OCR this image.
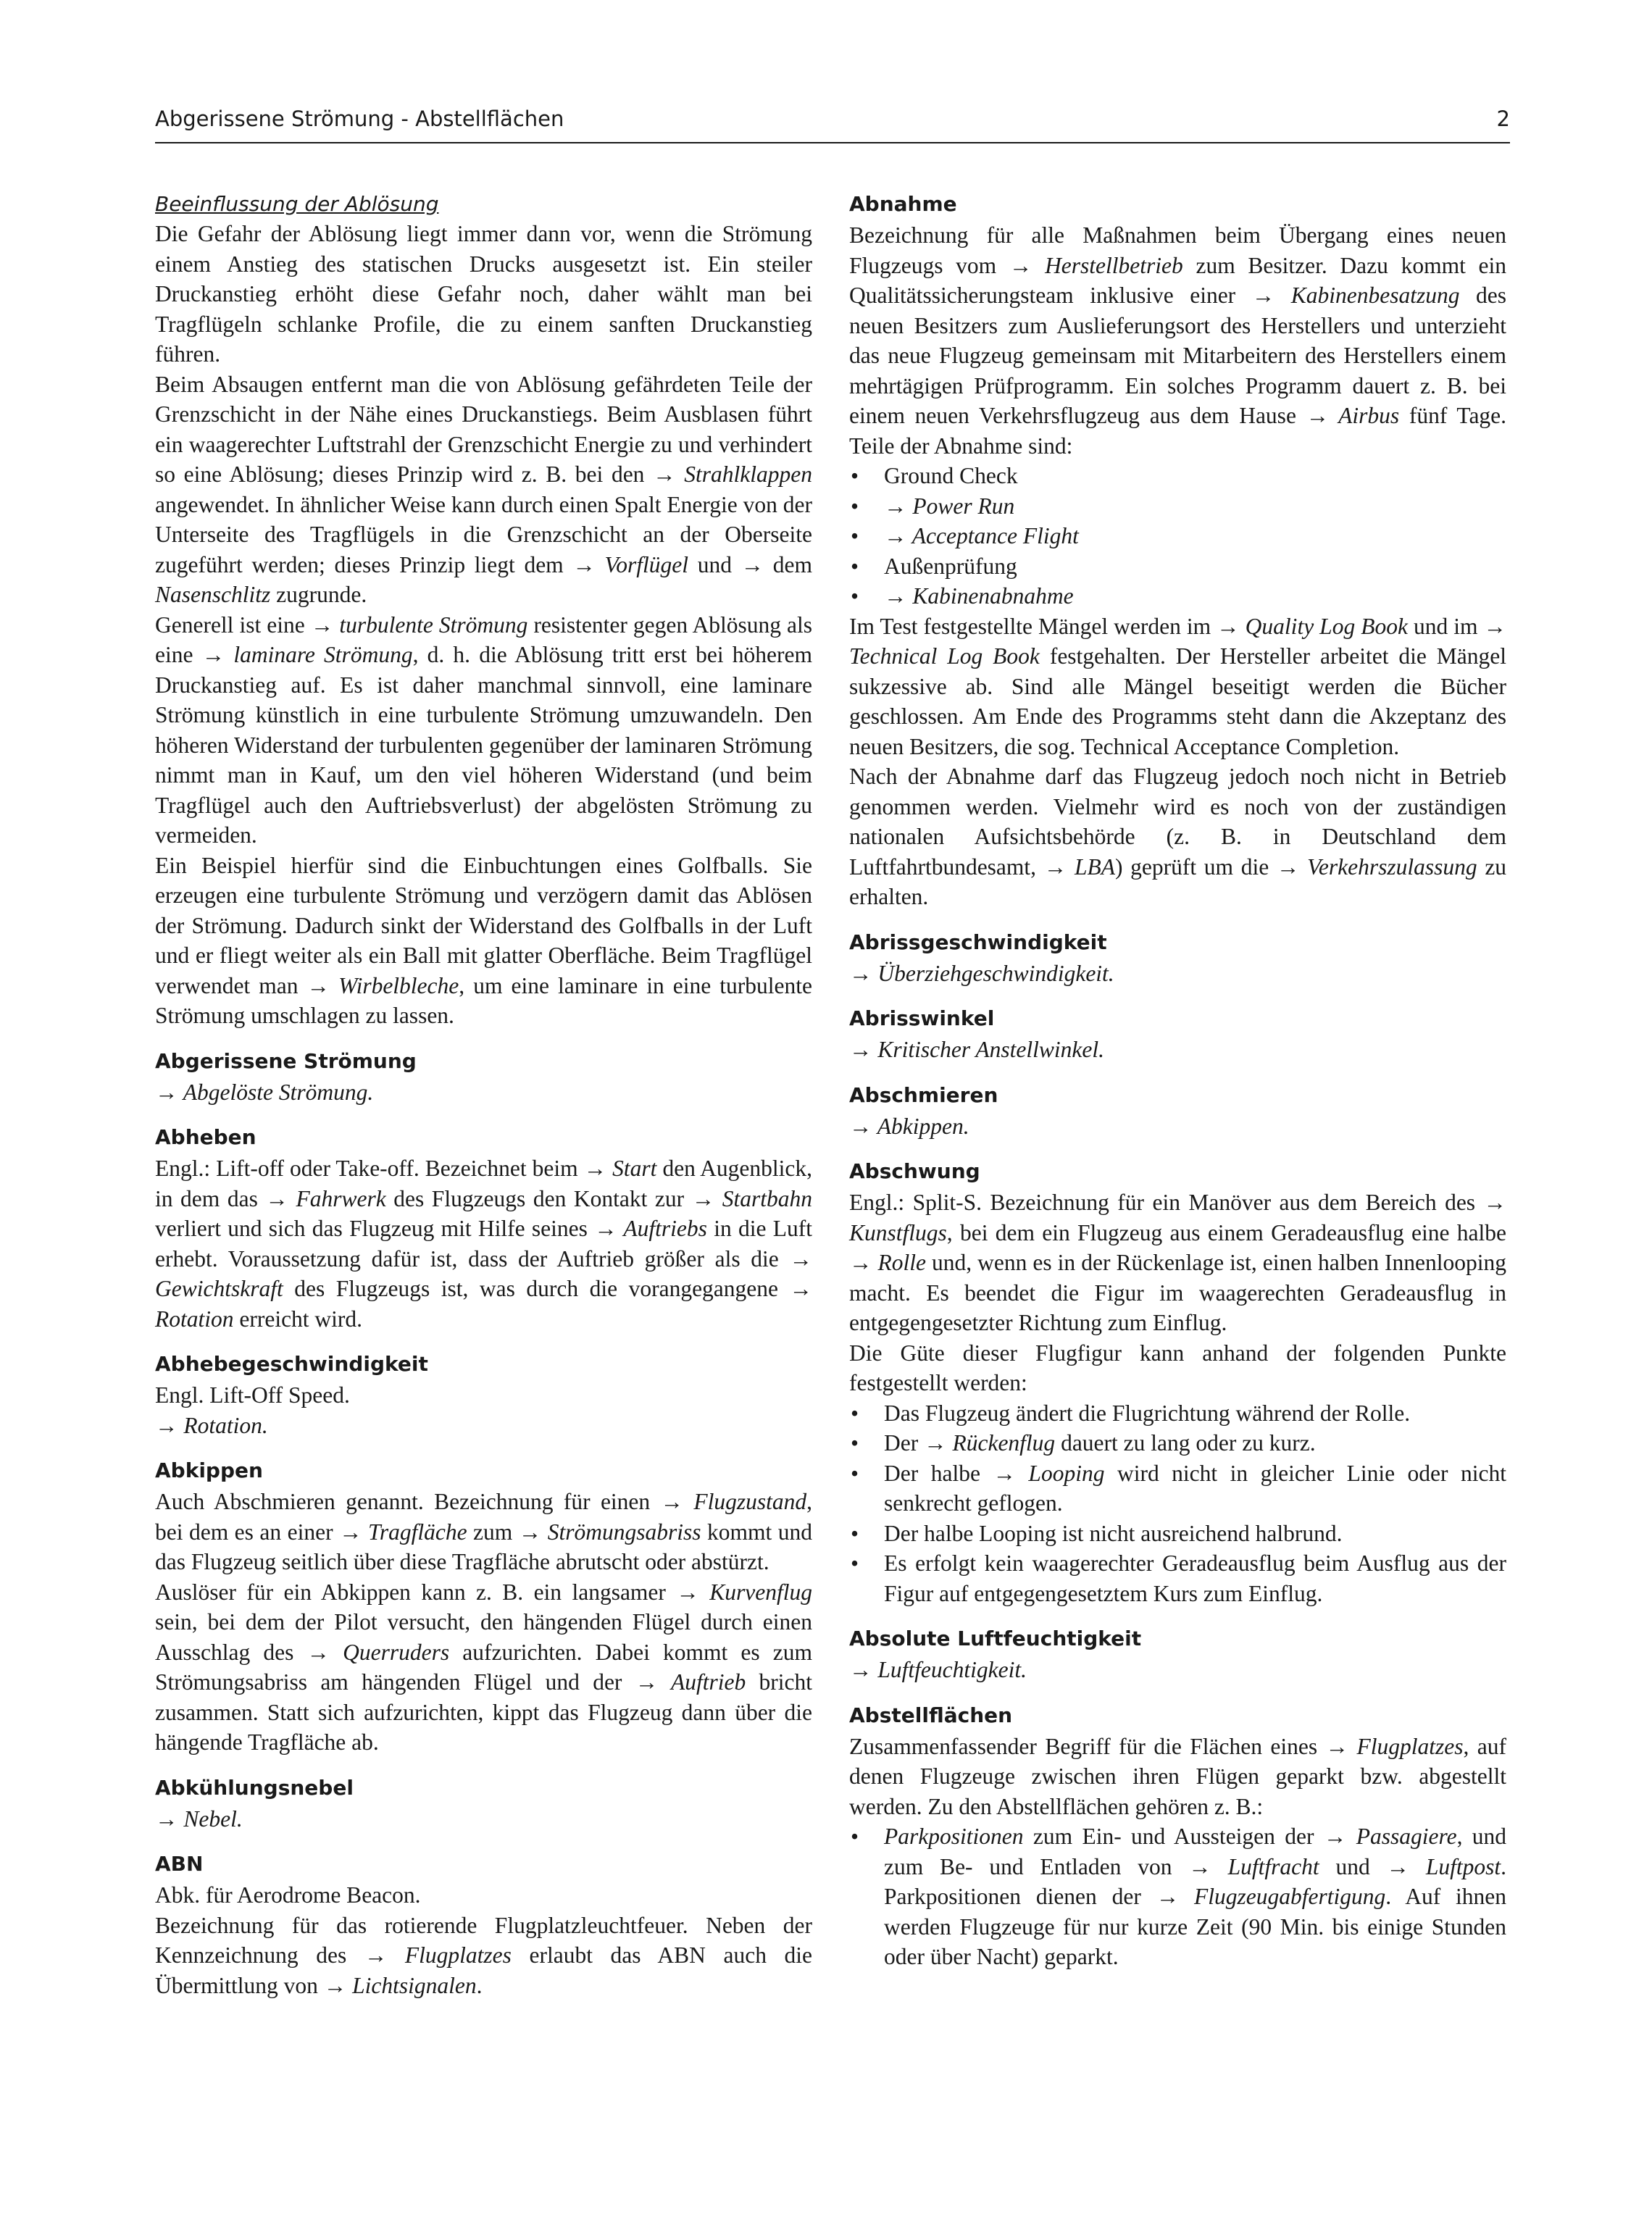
Abgerissene Strömung - Abstellflächen	2

Beeinflussung der Ablösung

Die Gefahr der Ablösung liegt immer dann vor, wenn die Strömung einem Anstieg des statischen Drucks ausgesetzt ist. Ein steiler Druckanstieg erhöht diese Gefahr noch, daher wählt man bei Tragflügeln schlanke Profile, die zu einem sanften Druckanstieg führen.

Beim Absaugen entfernt man die von Ablösung gefährdeten Teile der Grenzschicht in der Nähe eines Druckanstiegs. Beim Ausblasen führt ein waagerechter Luftstrahl der Grenzschicht Energie zu und verhindert so eine Ablösung; dieses Prinzip wird z. B. bei den → Strahlklappen angewendet. In ähnlicher Weise kann durch einen Spalt Energie von der Unterseite des Tragflügels in die Grenzschicht an der Oberseite zugeführt werden; dieses Prinzip liegt dem → Vorflügel und → dem Nasenschlitz zugrunde.

Generell ist eine → turbulente Strömung resistenter gegen Ablösung als eine → laminare Strömung, d. h. die Ablösung tritt erst bei höherem Druckanstieg auf. Es ist daher manchmal sinnvoll, eine laminare Strömung künstlich in eine turbulente Strömung umzuwandeln. Den höheren Widerstand der turbulenten gegenüber der laminaren Strömung nimmt man in Kauf, um den viel höheren Widerstand (und beim Tragflügel auch den Auftriebsverlust) der abgelösten Strömung zu vermeiden.

Ein Beispiel hierfür sind die Einbuchtungen eines Golfballs. Sie erzeugen eine turbulente Strömung und verzögern damit das Ablösen der Strömung. Dadurch sinkt der Widerstand des Golfballs in der Luft und er fliegt weiter als ein Ball mit glatter Oberfläche. Beim Tragflügel verwendet man → Wirbelbleche, um eine laminare in eine turbulente Strömung umschlagen zu lassen.

Abgerissene Strömung

→ Abgelöste Strömung.

Abheben

Engl.: Lift-off oder Take-off. Bezeichnet beim → Start den Augenblick, in dem das → Fahrwerk des Flugzeugs den Kontakt zur → Startbahn verliert und sich das Flugzeug mit Hilfe seines → Auftriebs in die Luft erhebt. Voraussetzung dafür ist, dass der Auftrieb größer als die → Gewichtskraft des Flugzeugs ist, was durch die vorangegangene → Rotation erreicht wird.

Abhebegeschwindigkeit

Engl. Lift-Off Speed.

→ Rotation.

Abkippen

Auch Abschmieren genannt. Bezeichnung für einen → Flugzustand, bei dem es an einer → Tragfläche zum → Strömungsabriss kommt und das Flugzeug seitlich über diese Tragfläche abrutscht oder abstürzt.

Auslöser für ein Abkippen kann z. B. ein langsamer → Kurvenflug sein, bei dem der Pilot versucht, den hängenden Flügel durch einen Ausschlag des → Querruders aufzurichten. Dabei kommt es zum Strömungsabriss am hängenden Flügel und der → Auftrieb bricht zusammen. Statt sich aufzurichten, kippt das Flugzeug dann über die hängende Tragfläche ab.

Abkühlungsnebel

→ Nebel.

ABN

Abk. für Aerodrome Beacon.

Bezeichnung für das rotierende Flugplatzleuchtfeuer. Neben der Kennzeichnung des → Flugplatzes erlaubt das ABN auch die Übermittlung von → Lichtsignalen.

Abnahme

Bezeichnung für alle Maßnahmen beim Übergang eines neuen Flugzeugs vom → Herstellbetrieb zum Besitzer. Dazu kommt ein Qualitätssicherungsteam inklusive einer → Kabinenbesatzung des neuen Besitzers zum Auslieferungsort des Herstellers und unterzieht das neue Flugzeug gemeinsam mit Mitarbeitern des Herstellers einem mehrtägigen Prüfprogramm. Ein solches Programm dauert z. B. bei einem neuen Verkehrsflugzeug aus dem Hause → Airbus fünf Tage. Teile der Abnahme sind:

• Ground Check
• → Power Run
• → Acceptance Flight
• Außenprüfung
• → Kabinenabnahme

Im Test festgestellte Mängel werden im → Quality Log Book und im → Technical Log Book festgehalten. Der Hersteller arbeitet die Mängel sukzessive ab. Sind alle Mängel beseitigt werden die Bücher geschlossen. Am Ende des Programms steht dann die Akzeptanz des neuen Besitzers, die sog. Technical Acceptance Completion.

Nach der Abnahme darf das Flugzeug jedoch noch nicht in Betrieb genommen werden. Vielmehr wird es noch von der zuständigen nationalen Aufsichtsbehörde (z. B. in Deutschland dem Luftfahrtbundesamt, → LBA) geprüft um die → Verkehrszulassung zu erhalten.

Abrissgeschwindigkeit

→ Überziehgeschwindigkeit.

Abrisswinkel

→ Kritischer Anstellwinkel.

Abschmieren

→ Abkippen.

Abschwung

Engl.: Split-S. Bezeichnung für ein Manöver aus dem Bereich des → Kunstflugs, bei dem ein Flugzeug aus einem Geradeausflug eine halbe → Rolle und, wenn es in der Rückenlage ist, einen halben Innenlooping macht. Es beendet die Figur im waagerechten Geradeausflug in entgegengesetzter Richtung zum Einflug.

Die Güte dieser Flugfigur kann anhand der folgenden Punkte festgestellt werden:

• Das Flugzeug ändert die Flugrichtung während der Rolle.
• Der → Rückenflug dauert zu lang oder zu kurz.
• Der halbe → Looping wird nicht in gleicher Linie oder nicht senkrecht geflogen.
• Der halbe Looping ist nicht ausreichend halbrund.
• Es erfolgt kein waagerechter Geradeausflug beim Ausflug aus der Figur auf entgegengesetztem Kurs zum Einflug.
Absolute Luftfeuchtigkeit

→ Luftfeuchtigkeit.

Abstellflächen

Zusammenfassender Begriff für die Flächen eines → Flugplatzes, auf denen Flugzeuge zwischen ihren Flügen geparkt bzw. abgestellt werden. Zu den Abstellflächen gehören z. B.:

• Parkpositionen zum Ein- und Aussteigen der → Passagiere, und zum Be- und Entladen von → Luftfracht und → Luftpost. Parkpositionen dienen der → Flugzeugabfertigung. Auf ihnen werden Flugzeuge für nur kurze Zeit (90 Min. bis einige Stunden oder über Nacht) geparkt.
